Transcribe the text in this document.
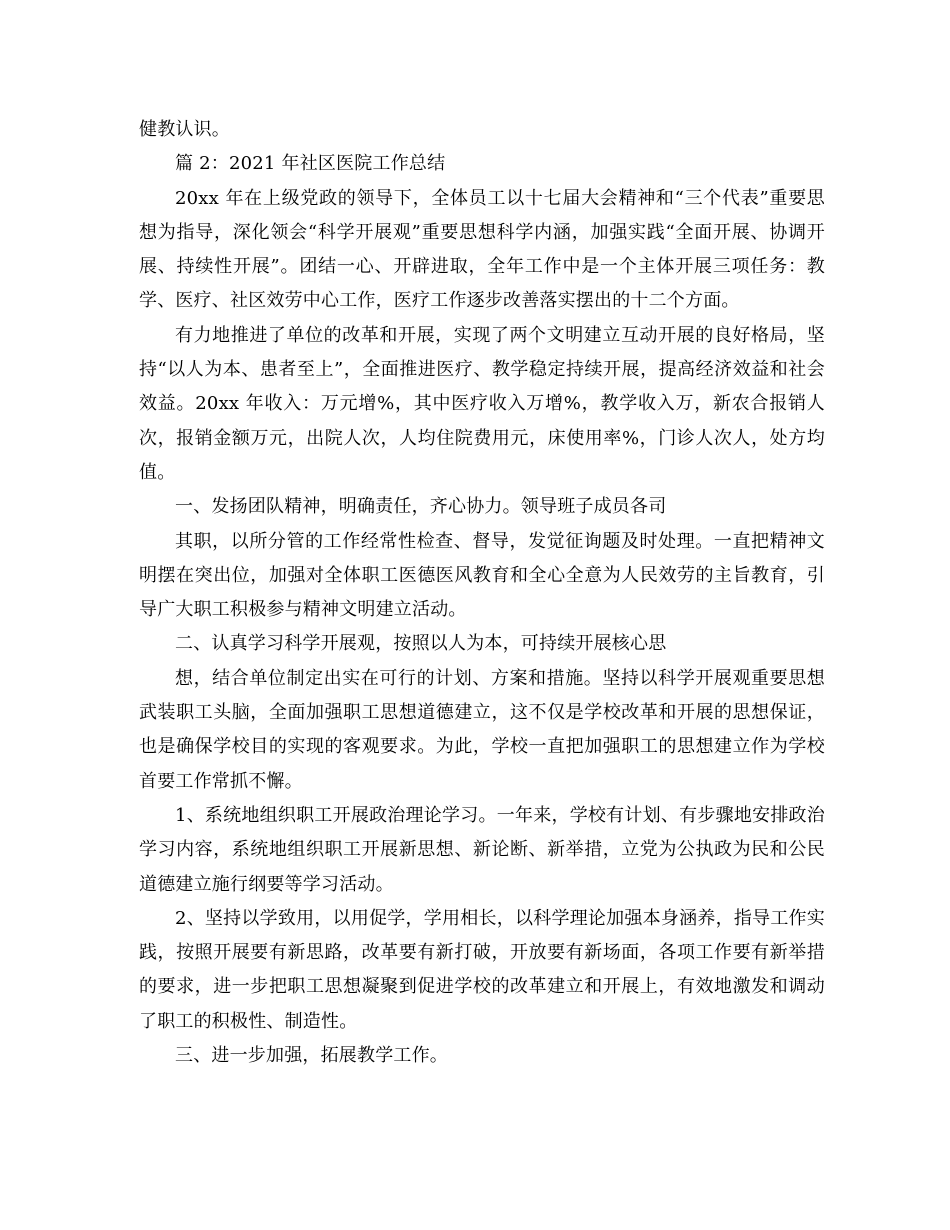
健教认识。

篇 2：2021 年社区医院工作总结

20xx 年在上级党政的领导下，全体员工以十七届大会精神和“三个代表”重要思想为指导，深化领会“科学开展观”重要思想科学内涵，加强实践“全面开展、协调开展、持续性开展”。团结一心、开辟进取，全年工作中是一个主体开展三项任务：教学、医疗、社区效劳中心工作，医疗工作逐步改善落实摆出的十二个方面。

有力地推进了单位的改革和开展，实现了两个文明建立互动开展的良好格局，坚持“以人为本、患者至上”，全面推进医疗、教学稳定持续开展，提高经济效益和社会效益。20xx 年收入：万元增%，其中医疗收入万增%，教学收入万，新农合报销人次，报销金额万元，出院人次，人均住院费用元，床使用率%，门诊人次人，处方均值。

一、发扬团队精神，明确责任，齐心协力。领导班子成员各司

其职，以所分管的工作经常性检查、督导，发觉征询题及时处理。一直把精神文明摆在突出位，加强对全体职工医德医风教育和全心全意为人民效劳的主旨教育，引导广大职工积极参与精神文明建立活动。

二、认真学习科学开展观，按照以人为本，可持续开展核心思

想，结合单位制定出实在可行的计划、方案和措施。坚持以科学开展观重要思想武装职工头脑，全面加强职工思想道德建立，这不仅是学校改革和开展的思想保证，也是确保学校目的实现的客观要求。为此，学校一直把加强职工的思想建立作为学校首要工作常抓不懈。

1、系统地组织职工开展政治理论学习。一年来，学校有计划、有步骤地安排政治学习内容，系统地组织职工开展新思想、新论断、新举措，立党为公执政为民和公民道德建立施行纲要等学习活动。

2、坚持以学致用，以用促学，学用相长，以科学理论加强本身涵养，指导工作实践，按照开展要有新思路，改革要有新打破，开放要有新场面，各项工作要有新举措的要求，进一步把职工思想凝聚到促进学校的改革建立和开展上，有效地激发和调动了职工的积极性、制造性。

三、进一步加强，拓展教学工作。
